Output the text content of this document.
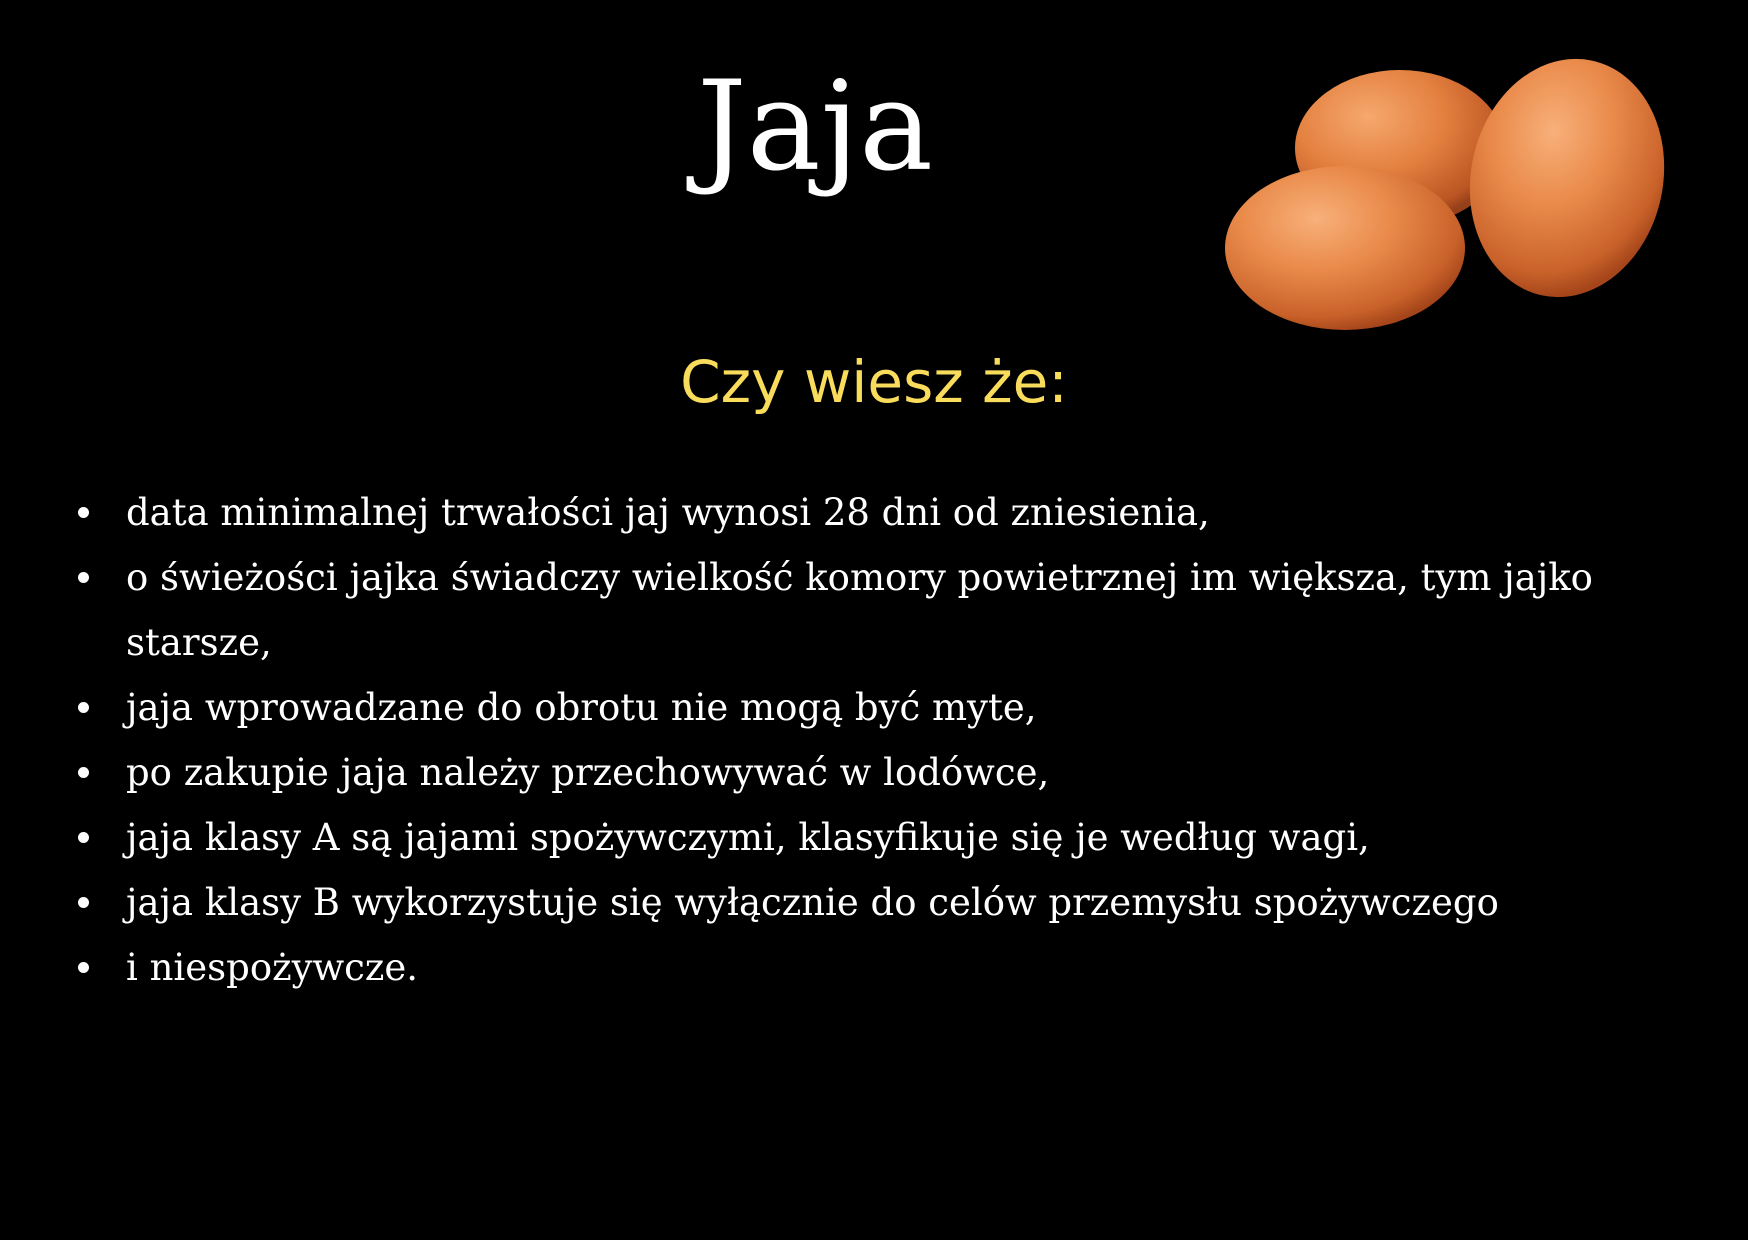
Jaja
Czy wiesz że:
data minimalnej trwałości jaj wynosi 28 dni od zniesienia,
o świeżości jajka świadczy wielkość komory powietrznej im większa, tym jajko starsze,
jaja wprowadzane do obrotu nie mogą być myte,
po zakupie jaja należy przechowywać w lodówce,
jaja klasy A są jajami spożywczymi, klasyfikuje się je według wagi,
jaja klasy B wykorzystuje się wyłącznie do celów przemysłu spożywczego
i niespożywcze.
